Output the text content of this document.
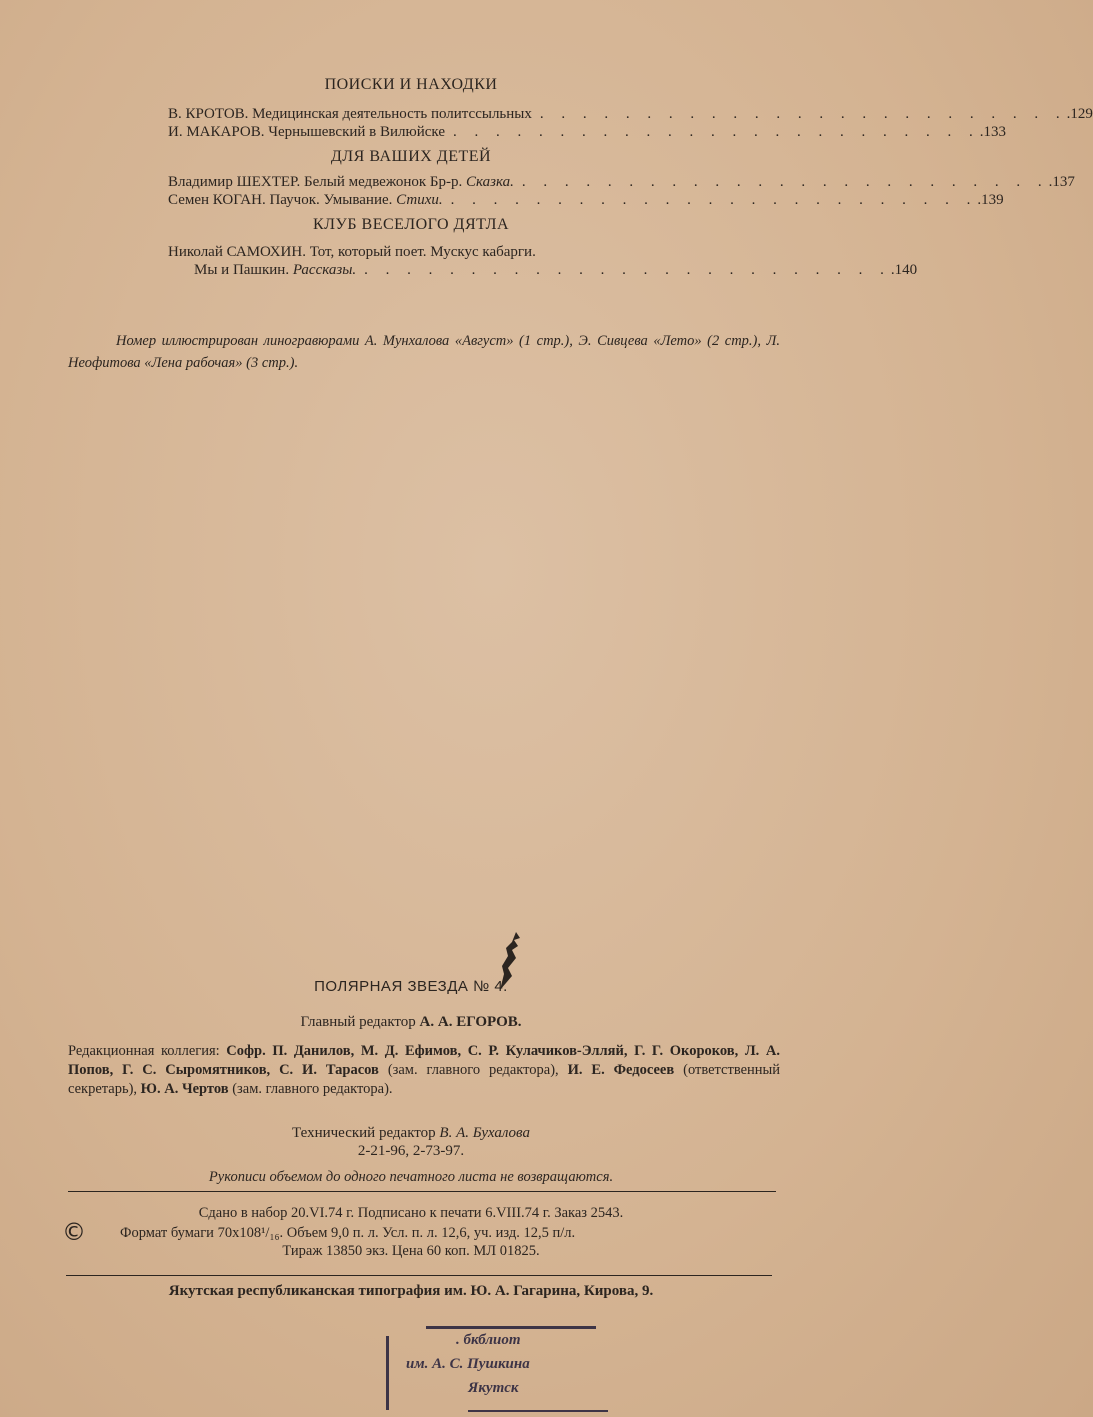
ПОИСКИ И НАХОДКИ
В. КРОТОВ. Медицинская деятельность политссыльных . . . . . . . . . . . . . . . . . . . . . . . . . .129
И. МАКАРОВ. Чернышевский в Вилюйске . . . . . . . . . . . . . . . . . . . . . . . . . .133
ДЛЯ ВАШИХ ДЕТЕЙ
Владимир ШЕХТЕР. Белый медвежонок Бр-р. Сказка. . . . . . . . . . . . . . . . . . . . . . . . . . .137
Семен КОГАН. Паучок. Умывание. Стихи. . . . . . . . . . . . . . . . . . . . . . . . . . .139
КЛУБ ВЕСЕЛОГО ДЯТЛА
Николай САМОХИН. Тот, который поет. Мускус кабарги.
Мы и Пашкин. Рассказы. . . . . . . . . . . . . . . . . . . . . . . . . . .140
Номер иллюстрирован линогравюрами А. Мунхалова «Август» (1 стр.), Э. Сивцева «Лето» (2 стр.), Л. Неофитова «Лена рабочая» (3 стр.).
ПОЛЯРНАЯ ЗВЕЗДА № 4.
Главный редактор А. А. ЕГОРОВ.
Редакционная коллегия: Софр. П. Данилов, М. Д. Ефимов, С. Р. Кулачиков-Элляй, Г. Г. Окороков, Л. А. Попов, Г. С. Сыромятников, С. И. Тарасов (зам. главного редактора), И. Е. Федосеев (ответственный секретарь), Ю. А. Чертов (зам. главного редактора).
Технический редактор В. А. Бухалова
2-21-96, 2-73-97.
Рукописи объемом до одного печатного листа не возвращаются.
©
Сдано в набор 20.VI.74 г. Подписано к печати 6.VIII.74 г. Заказ 2543.
Формат бумаги 70x108¹/₁₆. Объем 9,0 п. л. Усл. п. л. 12,6, уч. изд. 12,5 п/л.
Тираж 13850 экз. Цена 60 коп. МЛ 01825.
Якутская республиканская типография им. Ю. А. Гагарина, Кирова, 9.
. бкблиот
им. А. С. Пушкина
Якутск
